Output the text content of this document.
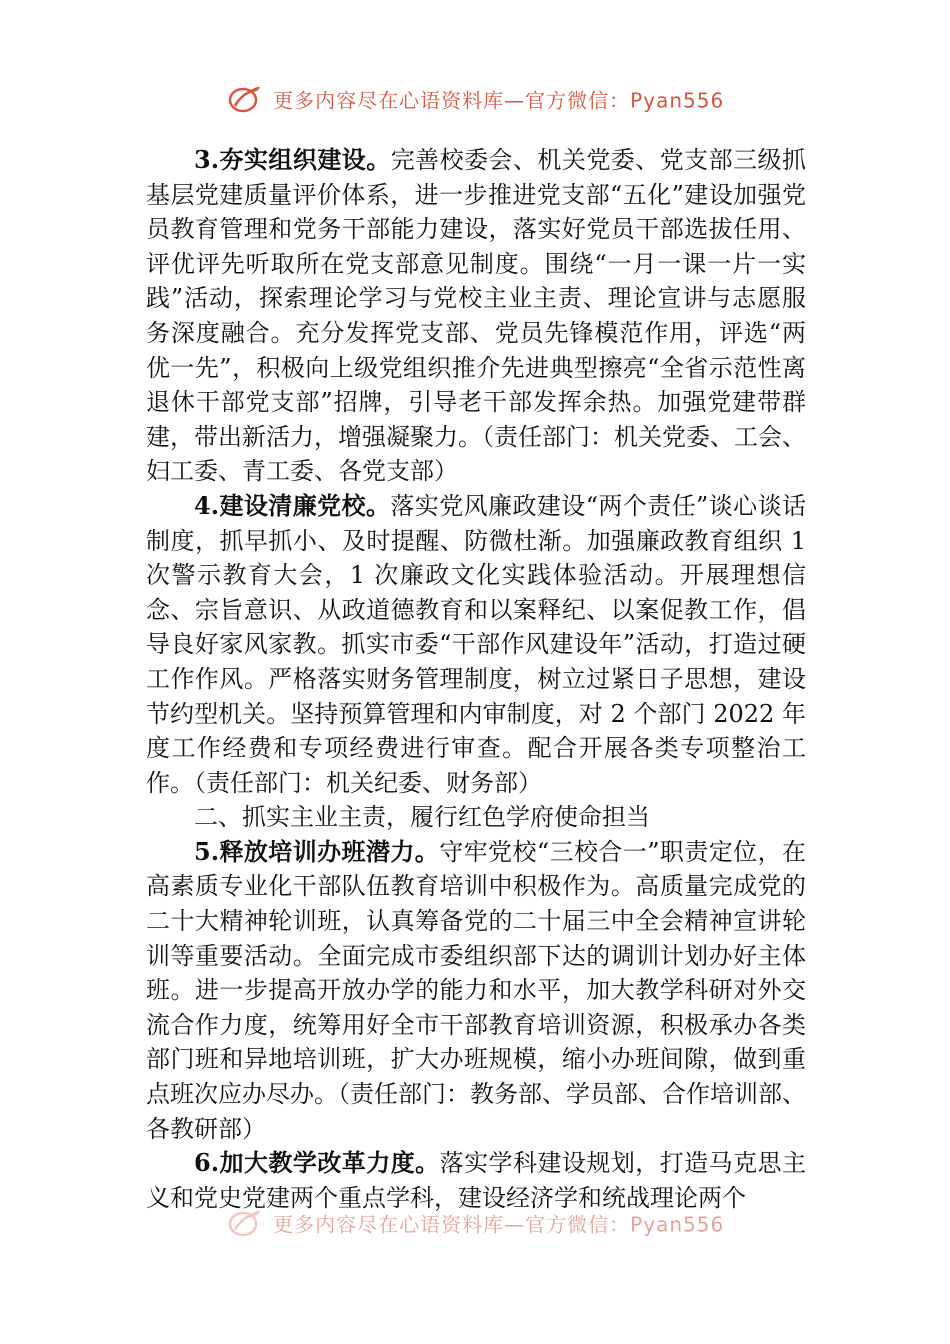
更多内容尽在心语资料库—官方微信：Pyan556

3.夯实组织建设。完善校委会、机关党委、党支部三级抓基层党建质量评价体系，进一步推进党支部“五化”建设加强党员教育管理和党务干部能力建设，落实好党员干部选拔任用、评优评先听取所在党支部意见制度。围绕“一月一课一片一实践”活动，探索理论学习与党校主业主责、理论宣讲与志愿服务深度融合。充分发挥党支部、党员先锋模范作用，评选“两优一先”，积极向上级党组织推介先进典型擦亮“全省示范性离退休干部党支部”招牌，引导老干部发挥余热。加强党建带群建，带出新活力，增强凝聚力。（责任部门：机关党委、工会、妇工委、青工委、各党支部）

4.建设清廉党校。落实党风廉政建设“两个责任”谈心谈话制度，抓早抓小、及时提醒、防微杜渐。加强廉政教育组织 1 次警示教育大会，1 次廉政文化实践体验活动。开展理想信念、宗旨意识、从政道德教育和以案释纪、以案促教工作，倡导良好家风家教。抓实市委“干部作风建设年”活动，打造过硬工作作风。严格落实财务管理制度，树立过紧日子思想，建设节约型机关。坚持预算管理和内审制度，对 2 个部门 2022 年度工作经费和专项经费进行审查。配合开展各类专项整治工作。（责任部门：机关纪委、财务部）

二、抓实主业主责，履行红色学府使命担当

5.释放培训办班潜力。守牢党校“三校合一”职责定位，在高素质专业化干部队伍教育培训中积极作为。高质量完成党的二十大精神轮训班，认真筹备党的二十届三中全会精神宣讲轮训等重要活动。全面完成市委组织部下达的调训计划办好主体班。进一步提高开放办学的能力和水平，加大教学科研对外交流合作力度，统筹用好全市干部教育培训资源，积极承办各类部门班和异地培训班，扩大办班规模，缩小办班间隙，做到重点班次应办尽办。（责任部门：教务部、学员部、合作培训部、各教研部）

6.加大教学改革力度。落实学科建设规划，打造马克思主义和党史党建两个重点学科，建设经济学和统战理论两个

更多内容尽在心语资料库—官方微信：Pyan556
